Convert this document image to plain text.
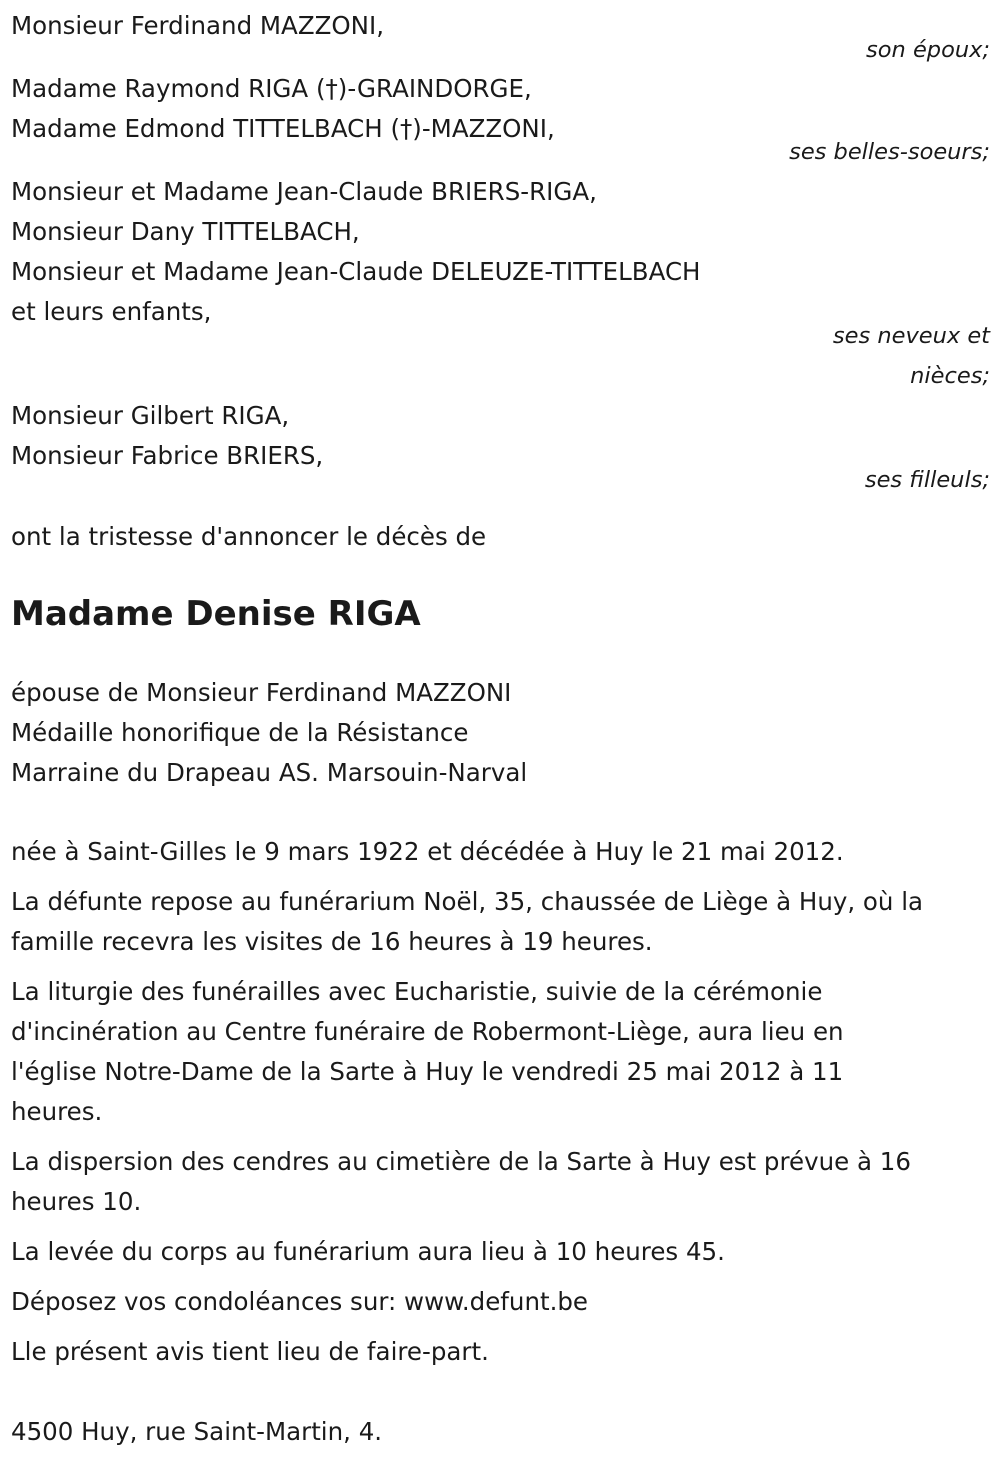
Monsieur Ferdinand MAZZONI,
son époux;
Madame Raymond RIGA (†)-GRAINDORGE,
Madame Edmond TITTELBACH (†)-MAZZONI,
ses belles-soeurs;
Monsieur et Madame Jean-Claude BRIERS-RIGA,
Monsieur Dany TITTELBACH,
Monsieur et Madame Jean-Claude DELEUZE-TITTELBACH
et leurs enfants,
ses neveux et
nièces;
Monsieur Gilbert RIGA,
Monsieur Fabrice BRIERS,
ses filleuls;
ont la tristesse d'annoncer le décès de
Madame Denise RIGA
épouse de Monsieur Ferdinand MAZZONI
Médaille honorifique de la Résistance
Marraine du Drapeau AS. Marsouin-Narval
née à Saint-Gilles le 9 mars 1922 et décédée à Huy le 21 mai 2012.
La défunte repose au funérarium Noël, 35, chaussée de Liège à Huy, où la
famille recevra les visites de 16 heures à 19 heures.
La liturgie des funérailles avec Eucharistie, suivie de la cérémonie
d'incinération au Centre funéraire de Robermont-Liège, aura lieu en
l'église Notre-Dame de la Sarte à Huy le vendredi 25 mai 2012 à 11
heures.
La dispersion des cendres au cimetière de la Sarte à Huy est prévue à 16
heures 10.
La levée du corps au funérarium aura lieu à 10 heures 45.
Déposez vos condoléances sur: www.defunt.be
Lle présent avis tient lieu de faire-part.
4500 Huy, rue Saint-Martin, 4.
